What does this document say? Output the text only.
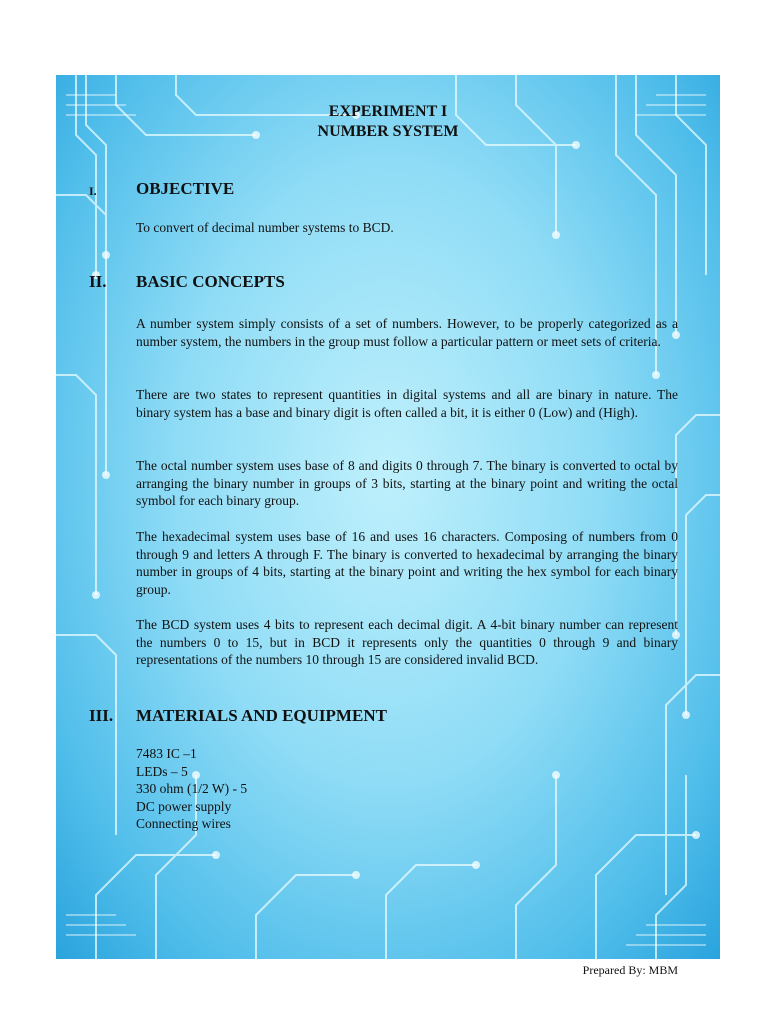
EXPERIMENT I
NUMBER SYSTEM
I. OBJECTIVE
To convert of decimal number systems to BCD.
II. BASIC CONCEPTS
A number system simply consists of a set of numbers. However, to be properly categorized as a number system, the numbers in the group must follow a particular pattern or meet sets of criteria.
There are two states to represent quantities in digital systems and all are binary in nature. The binary system has a base and binary digit is often called a bit, it is either 0 (Low) and (High).
The octal number system uses base of 8 and digits 0 through 7. The binary is converted to octal by arranging the binary number in groups of 3 bits, starting at the binary point and writing the octal symbol for each binary group.
The hexadecimal system uses base of 16 and uses 16 characters. Composing of numbers from 0 through 9 and letters A through F. The binary is converted to hexadecimal by arranging the binary number in groups of 4 bits, starting at the binary point and writing the hex symbol for each binary group.
The BCD system uses 4 bits to represent each decimal digit. A 4-bit binary number can represent the numbers 0 to 15, but in BCD it represents only the quantities 0 through 9 and binary representations of the numbers 10 through 15 are considered invalid BCD.
III. MATERIALS AND EQUIPMENT
7483 IC –1
LEDs – 5
330 ohm (1/2 W) - 5
DC power supply
Connecting wires
Prepared By: MBM
